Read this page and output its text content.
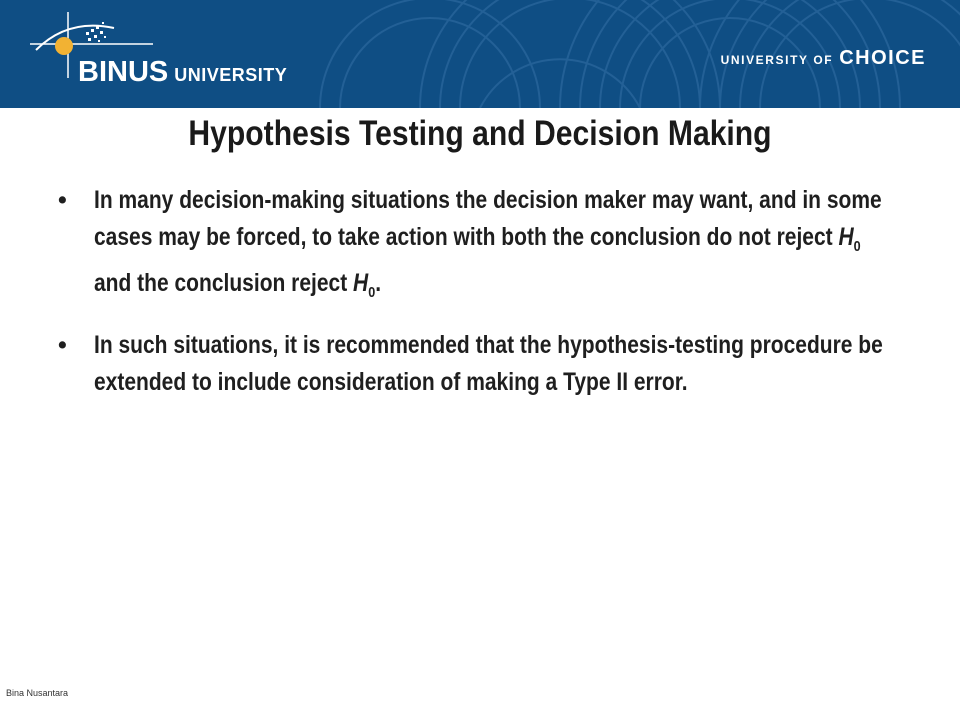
BINUS UNIVERSITY
UNIVERSITY OF CHOICE
Hypothesis Testing and Decision Making
• In many decision-making situations the decision maker may want, and in some cases may be forced, to take action with both the conclusion do not reject $H_0$ and the conclusion reject $H_0$.
• In such situations, it is recommended that the hypothesis-testing procedure be extended to include consideration of making a Type II error.
Bina Nusantara
